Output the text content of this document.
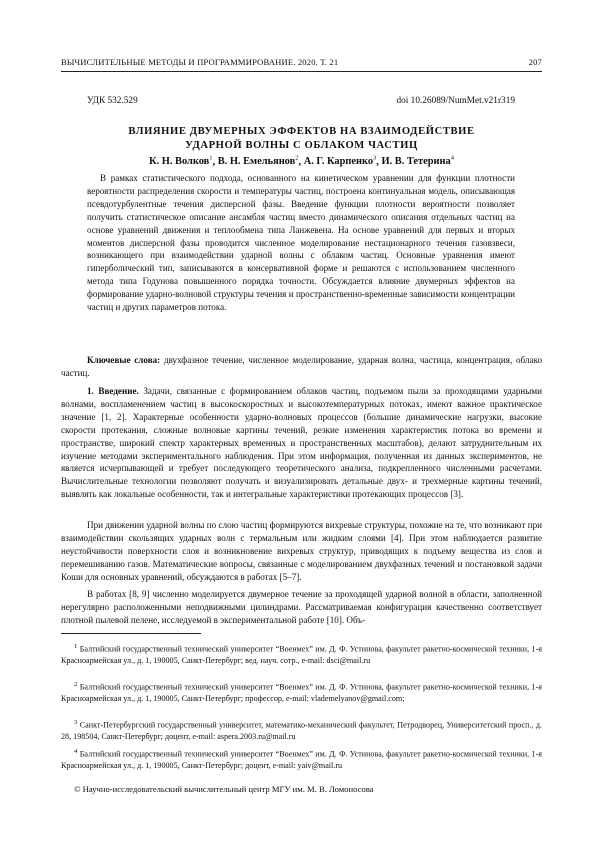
ВЫЧИСЛИТЕЛЬНЫЕ МЕТОДЫ И ПРОГРАММИРОВАНИЕ. 2020. Т. 21	207
УДК 532.529	doi 10.26089/NumMet.v21r319
ВЛИЯНИЕ ДВУМЕРНЫХ ЭФФЕКТОВ НА ВЗАИМОДЕЙСТВИЕ
УДАРНОЙ ВОЛНЫ С ОБЛАКОМ ЧАСТИЦ
К. Н. Волков1, В. Н. Емельянов2, А. Г. Карпенко3, И. В. Тетерина4
В рамках статистического подхода, основанного на кинетическом уравнении для функции плотности вероятности распределения скорости и температуры частиц, построена континуальная модель, описывающая псевдотурбулентные течения дисперсной фазы. Введение функции плотности вероятности позволяет получить статистическое описание ансамбля частиц вместо динамического описания отдельных частиц на основе уравнений движения и теплообмена типа Ланжевена. На основе уравнений для первых и вторых моментов дисперсной фазы проводится численное моделирование нестационарного течения газовзвеси, возникающего при взаимодействии ударной волны с облаком частиц. Основные уравнения имеют гиперболический тип, записываются в консервативной форме и решаются с использованием численного метода типа Годунова повышенного порядка точности. Обсуждается влияние двумерных эффектов на формирование ударно-волновой структуры течения и пространственно-временные зависимости концентрации частиц и других параметров потока.
Ключевые слова: двухфазное течение, численное моделирование, ударная волна, частица, концентрация, облако частиц.
1. Введение. Задачи, связанные с формированием облаков частиц, подъемом пыли за проходящими ударными волнами, воспламенением частиц в высокоскоростных и высокотемпературных потоках, имеют важное практическое значение [1, 2]. Характерные особенности ударно-волновых процессов (большие динамические нагрузки, высокие скорости протекания, сложные волновые картины течений, резкие изменения характеристик потока во времени и пространстве, широкий спектр характерных временных и пространственных масштабов), делают затруднительным их изучение методами экспериментального наблюдения. При этом информация, полученная из данных экспериментов, не является исчерпывающей и требует последующего теоретического анализа, подкрепленного численными расчетами. Вычислительные технологии позволяют получать и визуализировать детальные двух- и трехмерные картины течений, выявлять как локальные особенности, так и интегральные характеристики протекающих процессов [3].
При движении ударной волны по слою частиц формируются вихревые структуры, похожие на те, что возникают при взаимодействии скользящих ударных волн с термальным или жидким слоями [4]. При этом наблюдается развитие неустойчивости поверхности слоя и возникновение вихревых структур, приводящих к подъему вещества из слоя и перемешиванию газов. Математические вопросы, связанные с моделированием двухфазных течений и постановкой задачи Коши для основных уравнений, обсуждаются в работах [5–7].
В работах [8, 9] численно моделируется двумерное течение за проходящей ударной волной в области, заполненной нерегулярно расположенными неподвижными цилиндрами. Рассматриваемая конфигурация качественно соответствует плотной пылевой пелене, исследуемой в экспериментальной работе [10]. Объ-
1 Балтийский государственный технический университет “Военмех” им. Д. Ф. Устинова, факультет ракетно-космической техники, 1-я Красноармейская ул., д. 1, 190005, Санкт-Петербург; вед. науч. сотр., e-mail: dsci@mail.ru
2 Балтийский государственный технический университет “Военмех” им. Д. Ф. Устинова, факультет ракетно-космической техники, 1-я Красноармейская ул., д. 1, 190005, Санкт-Петербург; профессор, e-mail: vlademelyanov@gmail.com;
3 Санкт-Петербургский государственный университет, математико-механический факультет, Петродворец, Университетский просп., д. 28, 198504, Санкт-Петербург; доцент, e-mail: aspera.2003.ru@mail.ru
4 Балтийский государственный технический университет “Военмех” им. Д. Ф. Устинова, факультет ракетно-космической техники, 1-я Красноармейская ул., д. 1, 190005, Санкт-Петербург; доцент, e-mail: yaiv@mail.ru
© Научно-исследовательский вычислительный центр МГУ им. М. В. Ломоносова
